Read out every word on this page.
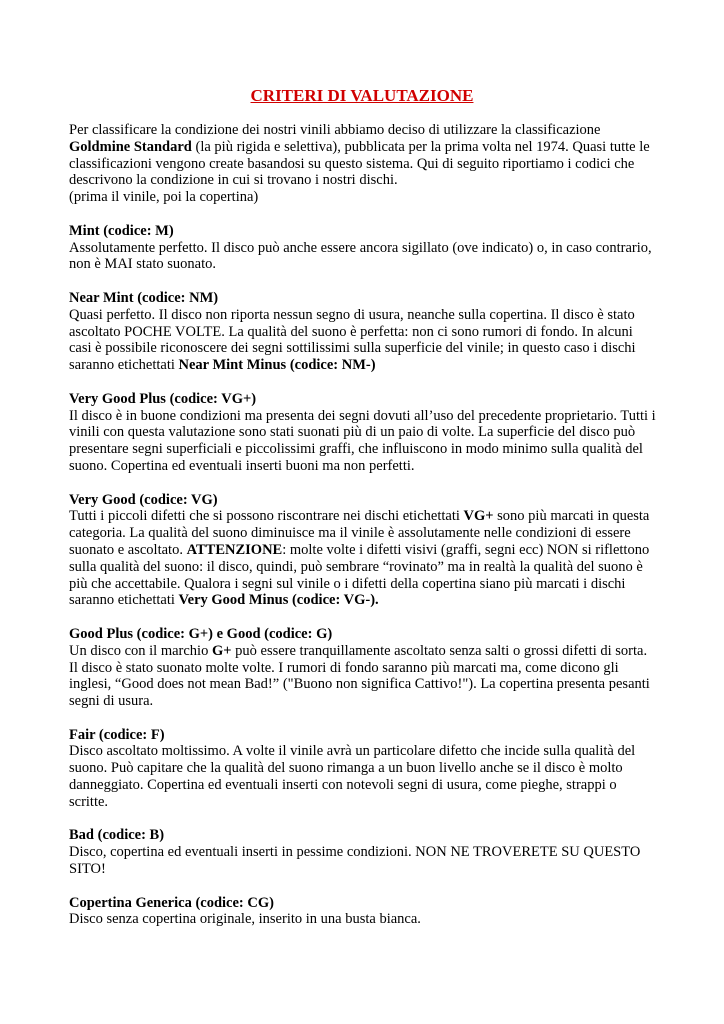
CRITERI DI VALUTAZIONE

Per classificare la condizione dei nostri vinili abbiamo deciso di utilizzare la classificazione Goldmine Standard (la più rigida e selettiva), pubblicata per la prima volta nel 1974. Quasi tutte le classificazioni vengono create basandosi su questo sistema. Qui di seguito riportiamo i codici che descrivono la condizione in cui si trovano i nostri dischi.

(prima il vinile, poi la copertina)

Mint (codice: M)

Assolutamente perfetto. Il disco può anche essere ancora sigillato (ove indicato) o, in caso contrario, non è MAI stato suonato.

Near Mint (codice: NM)

Quasi perfetto. Il disco non riporta nessun segno di usura, neanche sulla copertina. Il disco è stato ascoltato POCHE VOLTE. La qualità del suono è perfetta: non ci sono rumori di fondo. In alcuni casi è possibile riconoscere dei segni sottilissimi sulla superficie del vinile; in questo caso i dischi saranno etichettati Near Mint Minus (codice: NM-)

Very Good Plus (codice: VG+)

Il disco è in buone condizioni ma presenta dei segni dovuti all’uso del precedente proprietario. Tutti i vinili con questa valutazione sono stati suonati più di un paio di volte. La superficie del disco può presentare segni superficiali e piccolissimi graffi, che influiscono in modo minimo sulla qualità del suono. Copertina ed eventuali inserti buoni ma non perfetti.

Very Good (codice: VG)

Tutti i piccoli difetti che si possono riscontrare nei dischi etichettati VG+ sono più marcati in questa categoria. La qualità del suono diminuisce ma il vinile è assolutamente nelle condizioni di essere suonato e ascoltato. ATTENZIONE: molte volte i difetti visivi (graffi, segni ecc) NON si riflettono sulla qualità del suono: il disco, quindi, può sembrare “rovinato” ma in realtà la qualità del suono è più che accettabile. Qualora i segni sul vinile o i difetti della copertina siano più marcati i dischi saranno etichettati Very Good Minus (codice: VG-).

Good Plus (codice: G+) e Good (codice: G)

Un disco con il marchio G+ può essere tranquillamente ascoltato senza salti o grossi difetti di sorta. Il disco è stato suonato molte volte. I rumori di fondo saranno più marcati ma, come dicono gli inglesi, “Good does not mean Bad!” ("Buono non significa Cattivo!"). La copertina presenta pesanti segni di usura.

Fair (codice: F)

Disco ascoltato moltissimo. A volte il vinile avrà un particolare difetto che incide sulla qualità del suono. Può capitare che la qualità del suono rimanga a un buon livello anche se il disco è molto danneggiato. Copertina ed eventuali inserti con notevoli segni di usura, come pieghe, strappi o scritte.

Bad (codice: B)

Disco, copertina ed eventuali inserti in pessime condizioni. NON NE TROVERETE SU QUESTO SITO!

Copertina Generica (codice: CG)

Disco senza copertina originale, inserito in una busta bianca.
